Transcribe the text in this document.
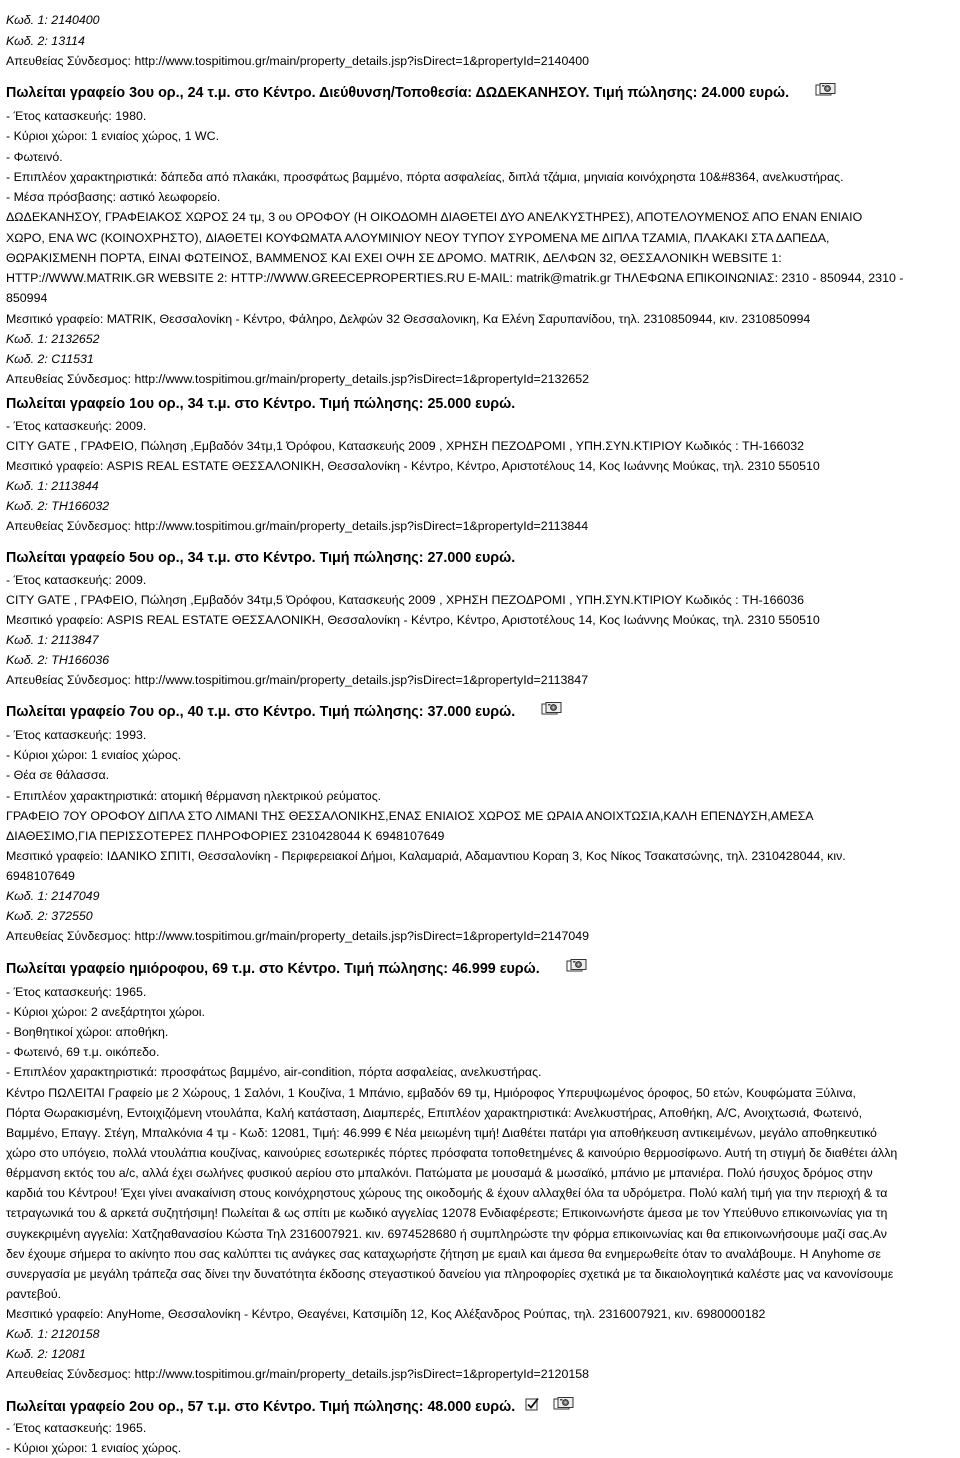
Κωδ. 1: 2140400
Κωδ. 2: 13114
Απευθείας Σύνδεσμος: http://www.tospitimou.gr/main/property_details.jsp?isDirect=1&propertyId=2140400
Πωλείται γραφείο 3ου ορ., 24 τ.μ. στο Κέντρο. Διεύθυνση/Τοποθεσία: ΔΩΔΕΚΑΝΗΣΟΥ. Τιμή πώλησης: 24.000 ευρώ.
- Έτος κατασκευής: 1980.
- Κύριοι χώροι: 1 ενιαίος χώρος, 1 WC.
- Φωτεινό.
- Επιπλέον χαρακτηριστικά: δάπεδα από πλακάκι, προσφάτως βαμμένο, πόρτα ασφαλείας, διπλά τζάμια, μηνιαία κοινόχρηστα 10&#8364, ανελκυστήρας.
- Μέσα πρόσβασης: αστικό λεωφορείο.
ΔΩΔΕΚΑΝΗΣΟΥ, ΓΡΑΦΕΙΑΚΟΣ ΧΩΡΟΣ 24 τμ, 3 ου ΟΡΟΦΟΥ (Η ΟΙΚΟΔΟΜΗ ΔΙΑΘΕΤΕΙ ΔΥΟ ΑΝΕΛΚΥΣΤΗΡΕΣ), ΑΠΟΤΕΛΟΥΜΕΝΟΣ ΑΠΟ ΕΝΑΝ ΕΝΙΑΙΟ
ΧΩΡΟ, ΕΝΑ WC (ΚΟΙΝΟΧΡΗΣΤΟ), ΔΙΑΘΕΤΕΙ ΚΟΥΦΩΜΑΤΑ ΑΛΟΥΜΙΝΙΟΥ ΝΕΟΥ ΤΥΠΟΥ ΣΥΡΟΜΕΝΑ ΜΕ ΔΙΠΛΑ ΤΖΑΜΙΑ, ΠΛΑΚΑΚΙ ΣΤΑ ΔΑΠΕΔΑ,
ΘΩΡΑΚΙΣΜΕΝΗ ΠΟΡΤΑ, ΕΙΝΑΙ ΦΩΤΕΙΝΟΣ, ΒΑΜΜΕΝΟΣ ΚΑΙ ΕΧΕΙ ΟΨΗ ΣΕ ΔΡΟΜΟ. MATRIK, ΔΕΛΦΩΝ 32, ΘΕΣΣΑΛΟΝΙΚΗ WEBSITE 1:
HTTP://WWW.MATRIK.GR WEBSITE 2: HTTP://WWW.GREECEPROPERTIES.RU E-MAIL: matrik@matrik.gr ΤΗΛΕΦΩΝΑ ΕΠΙΚΟΙΝΩΝΙΑΣ: 2310 - 850944, 2310 -
850994
Μεσιτικό γραφείο: MATRIK, Θεσσαλονίκη - Κέντρο, Φάληρο, Δελφών 32 Θεσσαλονικη, Κα Ελένη Σαρυπανίδου, τηλ. 2310850944, κιν. 2310850994
Κωδ. 1: 2132652
Κωδ. 2: C11531
Απευθείας Σύνδεσμος: http://www.tospitimou.gr/main/property_details.jsp?isDirect=1&propertyId=2132652
Πωλείται γραφείο 1ου ορ., 34 τ.μ. στο Κέντρο. Τιμή πώλησης: 25.000 ευρώ.
- Έτος κατασκευής: 2009.
CITY GATE , ΓΡΑΦΕΙΟ, Πώληση ,Εμβαδόν 34τμ,1 Όρόφου, Κατασκευής 2009 , ΧΡΗΣΗ ΠΕΖΟΔΡΟΜΙ , ΥΠΗ.ΣΥΝ.ΚΤΙΡΙΟΥ Κωδικός : TH-166032
Μεσιτικό γραφείο: ASPIS REAL ESTATE ΘΕΣΣΑΛΟΝΙΚΗ, Θεσσαλονίκη - Κέντρο, Κέντρο, Αριστοτέλους 14, Κος Ιωάννης Μούκας, τηλ. 2310 550510
Κωδ. 1: 2113844
Κωδ. 2: TH166032
Απευθείας Σύνδεσμος: http://www.tospitimou.gr/main/property_details.jsp?isDirect=1&propertyId=2113844
Πωλείται γραφείο 5ου ορ., 34 τ.μ. στο Κέντρο. Τιμή πώλησης: 27.000 ευρώ.
- Έτος κατασκευής: 2009.
CITY GATE , ΓΡΑΦΕΙΟ, Πώληση ,Εμβαδόν 34τμ,5 Όρόφου, Κατασκευής 2009 , ΧΡΗΣΗ ΠΕΖΟΔΡΟΜΙ , ΥΠΗ.ΣΥΝ.ΚΤΙΡΙΟΥ Κωδικός : TH-166036
Μεσιτικό γραφείο: ASPIS REAL ESTATE ΘΕΣΣΑΛΟΝΙΚΗ, Θεσσαλονίκη - Κέντρο, Κέντρο, Αριστοτέλους 14, Κος Ιωάννης Μούκας, τηλ. 2310 550510
Κωδ. 1: 2113847
Κωδ. 2: TH166036
Απευθείας Σύνδεσμος: http://www.tospitimou.gr/main/property_details.jsp?isDirect=1&propertyId=2113847
Πωλείται γραφείο 7ου ορ., 40 τ.μ. στο Κέντρο. Τιμή πώλησης: 37.000 ευρώ.
- Έτος κατασκευής: 1993.
- Κύριοι χώροι: 1 ενιαίος χώρος.
- Θέα σε θάλασσα.
- Επιπλέον χαρακτηριστικά: ατομική θέρμανση ηλεκτρικού ρεύματος.
ΓΡΑΦΕΙΟ 7ΟΥ ΟΡΟΦΟΥ ΔΙΠΛΑ ΣΤΟ ΛΙΜΑΝΙ ΤΗΣ ΘΕΣΣΑΛΟΝΙΚΗΣ,ΕΝΑΣ ΕΝΙΑΙΟΣ ΧΩΡΟΣ ΜΕ ΩΡΑΙΑ ΑΝΟΙΧΤΩΣΙΑ,ΚΑΛΗ ΕΠΕΝΔΥΣΗ,ΑΜΕΣΑ
ΔΙΑΘΕΣΙΜΟ,ΓΙΑ ΠΕΡΙΣΣΟΤΕΡΕΣ ΠΛΗΡΟΦΟΡΙΕΣ 2310428044 Κ 6948107649
Μεσιτικό γραφείο: ΙΔΑΝΙΚΟ ΣΠΙΤΙ, Θεσσαλονίκη - Περιφερειακοί Δήμοι, Καλαμαριά, Αδαμαντιου Κοραη 3, Κος Νίκος Τσακατσώνης, τηλ. 2310428044, κιν.
6948107649
Κωδ. 1: 2147049
Κωδ. 2: 372550
Απευθείας Σύνδεσμος: http://www.tospitimou.gr/main/property_details.jsp?isDirect=1&propertyId=2147049
Πωλείται γραφείο ημιόροφου, 69 τ.μ. στο Κέντρο. Τιμή πώλησης: 46.999 ευρώ.
- Έτος κατασκευής: 1965.
- Κύριοι χώροι: 2 ανεξάρτητοι χώροι.
- Βοηθητικοί χώροι: αποθήκη.
- Φωτεινό, 69 τ.μ. οικόπεδο.
- Επιπλέον χαρακτηριστικά: προσφάτως βαμμένο, air-condition, πόρτα ασφαλείας, ανελκυστήρας.
Κέντρο ΠΩΛΕΙΤΑΙ Γραφείο με 2 Χώρους, 1 Σαλόνι, 1 Κουζίνα, 1 Μπάνιο, εμβαδόν 69 τμ, Ημιόροφος Υπερυψωμένος όροφος, 50 ετών, Κουφώματα Ξύλινα,
Πόρτα Θωρακισμένη, Εντοιχιζόμενη ντουλάπα, Καλή κατάσταση, Διαμπερές, Επιπλέον χαρακτηριστικά: Ανελκυστήρας, Αποθήκη, A/C, Ανοιχτωσιά, Φωτεινό,
Βαμμένο, Επαγγ. Στέγη, Μπαλκόνια 4 τμ - Κωδ: 12081, Τιμή: 46.999 € Νέα μειωμένη τιμή! Διαθέτει πατάρι για αποθήκευση αντικειμένων, μεγάλο αποθηκευτικό
χώρο στο υπόγειο, πολλά ντουλάπια κουζίνας, καινούριες εσωτερικές πόρτες πρόσφατα τοποθετημένες & καινούριο θερμοσίφωνο. Αυτή τη στιγμή δε διαθέτει άλλη
θέρμανση εκτός του a/c, αλλά έχει σωλήνες φυσικού αερίου στο μπαλκόνι. Πατώματα με μουσαμά & μωσαϊκό, μπάνιο με μπανιέρα. Πολύ ήσυχος δρόμος στην
καρδιά του Κέντρου! Έχει γίνει ανακαίνιση στους κοινόχρηστους χώρους της οικοδομής & έχουν αλλαχθεί όλα τα υδρόμετρα. Πολύ καλή τιμή για την περιοχή & τα
τετραγωνικά του & αρκετά συζητήσιμη! Πωλείται & ως σπίτι με κωδικό αγγελίας 12078 Ενδιαφέρεστε; Επικοινωνήστε άμεσα με τον Υπεύθυνο επικοινωνίας για τη
συγκεκριμένη αγγελία: Χατζηαθανασίου Κώστα Τηλ 2316007921. κιν. 6974528680 ή συμπληρώστε την φόρμα επικοινωνίας και θα επικοινωνήσουμε μαζί σας.Αν
δεν έχουμε σήμερα το ακίνητο που σας καλύπτει τις ανάγκες σας καταχωρήστε ζήτηση με εμαιλ και άμεσα θα ενημερωθείτε όταν το αναλάβουμε. Η Anyhome σε
συνεργασία με μεγάλη τράπεζα σας δίνει την δυνατότητα έκδοσης στεγαστικού δανείου για πληροφορίες σχετικά με τα δικαιολογητικά καλέστε μας να κανονίσουμε
ραντεβού.
Μεσιτικό γραφείο: AnyHome, Θεσσαλονίκη - Κέντρο, Θεαγένει, Κατσιμίδη 12, Κος Αλέξανδρος Ρούπας, τηλ. 2316007921, κιν. 6980000182
Κωδ. 1: 2120158
Κωδ. 2: 12081
Απευθείας Σύνδεσμος: http://www.tospitimou.gr/main/property_details.jsp?isDirect=1&propertyId=2120158
Πωλείται γραφείο 2ου ορ., 57 τ.μ. στο Κέντρο. Τιμή πώλησης: 48.000 ευρώ.
- Έτος κατασκευής: 1965.
- Κύριοι χώροι: 1 ενιαίος χώρος.
